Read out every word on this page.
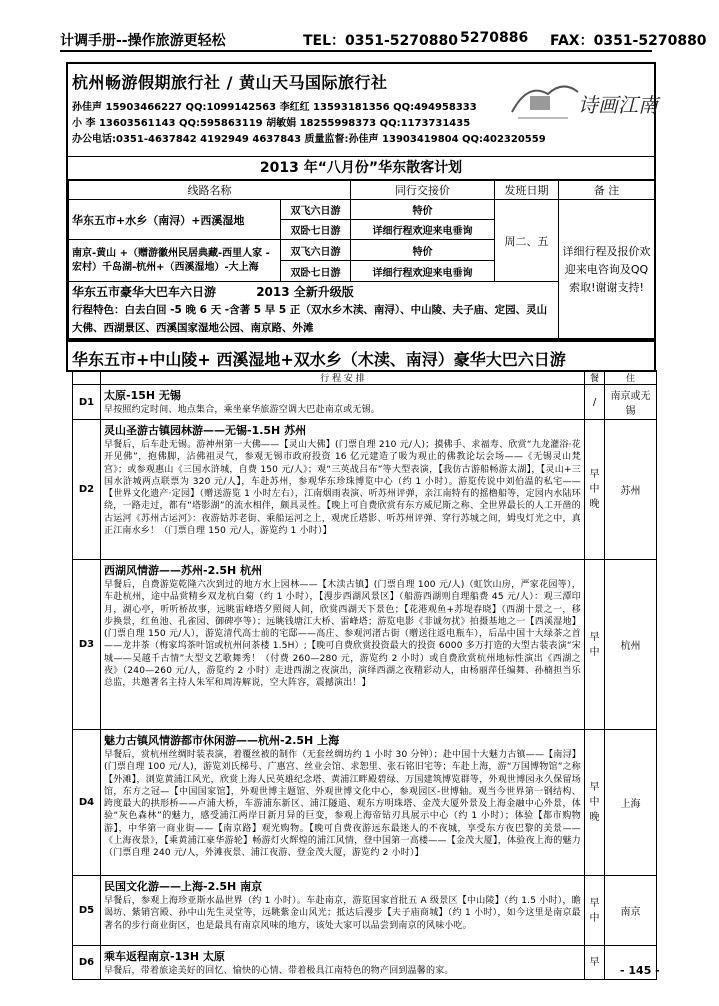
计调手册--操作旅游更轻松	TEL：0351-5270880 5270886 FAX：0351-5270880
杭州畅游假期旅行社 / 黄山天马国际旅行社
孙佳声 15903466227 QQ:1099142563 李红红 13593181356 QQ:494958333
小 李 13603561143 QQ:595863119 胡敏娟 18255998373 QQ:1173731435
办公电话:0351-4637842 4192949 4637843 质量监督:孙佳声 13903419804 QQ:402320559
诗画江南
2013 年“八月份”华东散客计划
线路名称		同行交接价	发班日期	备 注
华东五市+水乡（南浔）+西溪湿地	双飞六日游	特价	周二、五	详细行程及报价欢迎来电咨询及QQ索取!谢谢支持!
	双卧七日游	详细行程欢迎来电垂询		
南京-黄山 +（赠游徽州民居典藏-西里人家 -宏村）千岛湖-杭州+（西溪湿地）-大上海	双飞六日游	特价		
	双卧七日游	详细行程欢迎来电垂询		

华东五市豪华大巴车六日游 2013 全新升级版
行程特色：白去白回 -5 晚 6 天 -含著 5 早 5 正（双水乡木渎、南浔）、中山陵、夫子庙、定园、灵山大佛、西湖景区、西溪国家湿地公园、南京路、外滩				
华东五市+中山陵+ 西溪湿地+双水乡（木渎、南浔）豪华大巴六日游
	行 程 安 排	餐	住
D1	太原-15H 无锡
早按照约定时间、地点集合，乘坐豪华旅游空调大巴赴南京或无锡。	/	南京或无锡
D2	灵山圣游古镇园林游——无锡-1.5H 苏州
早餐后，后车赴无锡。游神州第一大佛——【灵山大佛】(门票自理 210 元/人)；摸佛手、求福寿、欣赏“九龙灌浴·花开见佛”，抱佛脚，沾佛祖灵气，参观无锡市政府投资 16 亿元建造了吸为观止的佛教论坛会场——《无锡灵山梵宫》；或参观惠山《三国水浒城，自费 150 元/人》；观“三英战吕布”等大型表演，【我仿古游船畅游太湖】，【灵山+三国水浒城两点联票为 320 元/人】，车赴苏州，参观华东珍珠博览中心（约 1 小时）。游览传说中刘伯温的私宅——【世界文化遗产·定园】（赠送游览 1 小时左右），江南烟雨表演、听苏州评弹，亲江南特有的摇橹船等，定园内水陆环绕，一路走过，都有“塔影湖”的流水相伴，颇具灵性。【晚上可自费欣赏有东方威尼斯之称、全世界最长的人工开凿的古运河《苏州古运河》：夜游姑苏老街、乘船运河之上，观虎丘塔影、听苏州评弹、穿行苏城之间，姆曳灯光之中，真正江南水乡！（门票自理 150 元/人，游览约 1 小时）】	早中晚	苏州
D3	西湖风情游——苏州-2.5H 杭州
早餐后，自费游览乾隆六次到过的地方水上园林——【木渎古镇】(门票自理 100 元/人)（虹饮山房，严家花园等），车赴杭州，途中品赏精乡双龙杭白菊（约 1 小时），【漫步西湖风景区】（船游西湖则自理船费 45 元/人）：观三潭印月，湖心亭，听听桥故事，远眺雷峰塔夕照阅人间，欣赏西湖天下景色；【花港观鱼+苏堤春晓】（西湖十景之一，移步换景，红鱼池、孔雀园、御碑亭等）；远眺钱塘江大桥、雷峰塔；游览电影《非诚勿扰》拍摄基地之一【西溪湿地】(门票自理 150 元/人），游览清代高士前的宅邸——高庄、参观河渚古街（赠送往返电瓶车），后品中国十大绿茶之首——龙井茶（梅家坞茶叶馆或杭州问茶楼 1.5H）;【晚可自费欣赏投资最大的投资 6000 多万打造的大型古装表演“宋城——吴越千古情”大型文艺歌舞秀！（付费 260—280 元，游览约 2 小时）或自费欣赏杭州地标性演出《西湖之夜》（240—260 元/人，游览约 2 小时）走进西湖之夜演出，演绎西湖之夜精彩动人，由杨丽萍任编舞、孙楠担当乐总监，共邀著名主持人朱军和周涛解说，空大阵容，震撼演出！】	早中	杭州
D4	魅力古镇风情游都市休闲游——杭州-2.5H 上海
早餐后，赏杭州丝绸时装表演，着覆丝被的制作（无套丝绸坊约 1 小时 30 分钟）；赴中国十大魅力古镇——【南浔】(门票自理 100 元/人)，游览刘氏梯号、广惠宫、丝业会馆、求恕里、张石铭旧宅等；车赴上海，游“万国博物馆”之称【外滩】，浏览黄浦江风光，欣赏上海人民英雄纪念塔、黄浦江畔殿碧绿、万国建筑博览群等，外观世博园永久保留场馆，东方之冠—【中国国家馆】，外观世博主题馆、外观世博文化中心，参观园区-世博轴。观当今世界第一钢结构、跨度最大的拱形桥——卢浦大桥，车游浦东新区、浦江隧道、观东方明珠塔、金茂大厦外景及上海金融中心外景，体验“灰色森林”的魅力，感受浦江两岸日新月异的巨变，参观上海帝钻刃具展示中心（约 1 小时）；体验【都市购物游】，中华第一商业街——【南京路】观光购物。【晚可自费夜游远东最迷人的不夜城，享受东方夜巴黎的美景——《上海夜景》，【乘黄浦江豪华游轮】畅游灯火辉煌的浦江风情，登中国第一高楼——【金茂大厦】，体验夜上海的魅力（门票自理 240 元/人，外滩夜景、浦江夜游、登金茂大厦，游览约 2 小时）】	早中晚	上海
D5	民国文化游——上海-2.5H 南京
早餐后，参观上海珍亚斯水晶世界（约 1 小时）。车赴南京，游览国家首批五 A 级景区【中山陵】（约 1.5 小时），瞻谒坊、紫销宫殿、孙中山先生灵堂等，远眺紫金山风光；抵达后漫步【夫子庙商城】（约 1 小时），如今这里是南京最著名的步行商业街区，也是最具有南京风味的地方，该处大家可以品尝到南京的风味小吃。	早中	南京
D6	乘车返程南京-13H 太原
早餐后，带着旅途美好的回忆、愉快的心情、带着极具江南特色的物产回到温馨的家。	早	
- 145 -
